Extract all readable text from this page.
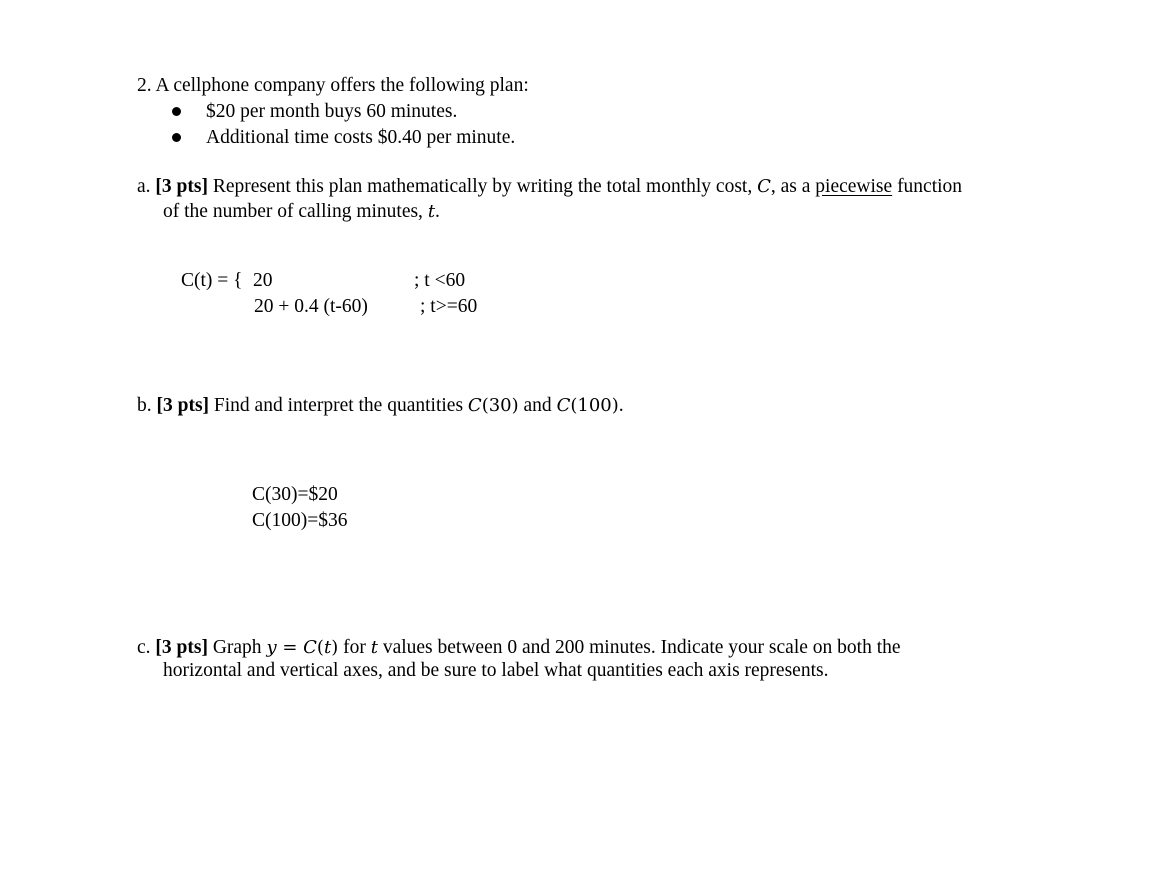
2. A cellphone company offers the following plan:
$20 per month buys 60 minutes.
Additional time costs $0.40 per minute.
a. [3 pts] Represent this plan mathematically by writing the total monthly cost, C, as a piecewise function
of the number of calling minutes, t.
C(t) = { 20	; t <60
20 + 0.4 (t-60)	; t>=60
b. [3 pts] Find and interpret the quantities C(30) and C(100).
C(30)=$20
C(100)=$36
c. [3 pts] Graph y = C(t) for t values between 0 and 200 minutes. Indicate your scale on both the
horizontal and vertical axes, and be sure to label what quantities each axis represents.
